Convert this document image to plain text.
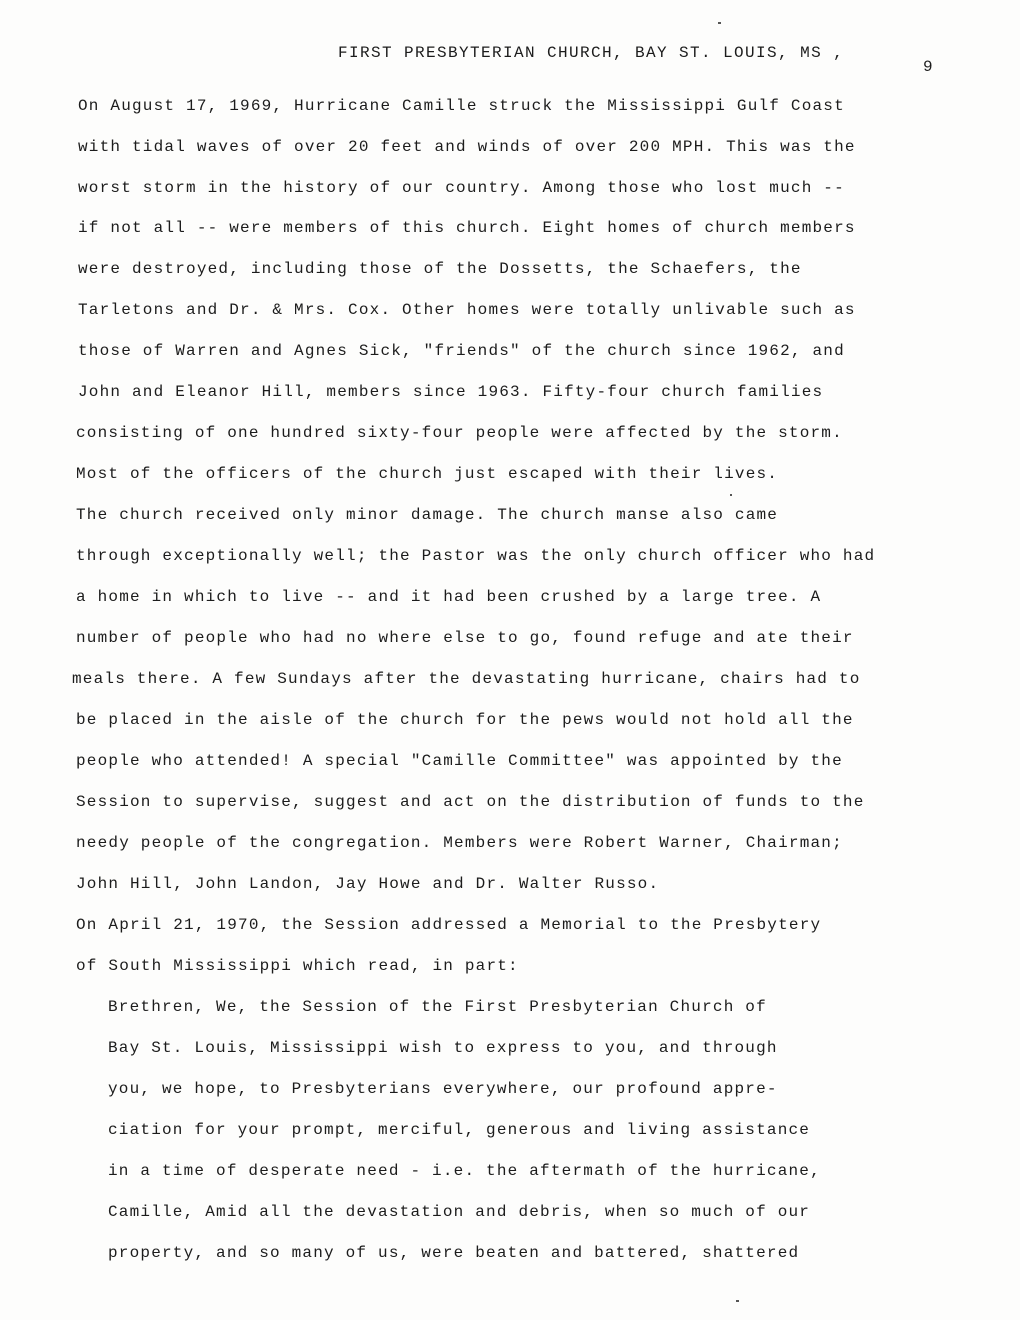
FIRST PRESBYTERIAN CHURCH, BAY ST. LOUIS, MS ,
9
On August 17, 1969, Hurricane Camille struck the Mississippi Gulf Coast
with tidal waves of over 20 feet and winds of over 200 MPH. This was the
worst storm in the history of our country. Among those who lost much --
if not all -- were members of this church. Eight homes of church members
were destroyed, including those of the Dossetts, the Schaefers, the
Tarletons and Dr. & Mrs. Cox. Other homes were totally unlivable such as
those of Warren and Agnes Sick, "friends" of the church since 1962, and
John and Eleanor Hill, members since 1963. Fifty-four church families
consisting of one hundred sixty-four people were affected by the storm.
Most of the officers of the church just escaped with their lives.
The church received only minor damage. The church manse also came
through exceptionally well; the Pastor was the only church officer who had
a home in which to live -- and it had been crushed by a large tree. A
number of people who had no where else to go, found refuge and ate their
meals there. A few Sundays after the devastating hurricane, chairs had to
be placed in the aisle of the church for the pews would not hold all the
people who attended! A special "Camille Committee" was appointed by the
Session to supervise, suggest and act on the distribution of funds to the
needy people of the congregation. Members were Robert Warner, Chairman;
John Hill, John Landon, Jay Howe and Dr. Walter Russo.
On April 21, 1970, the Session addressed a Memorial to the Presbytery
of South Mississippi which read, in part:
Brethren, We, the Session of the First Presbyterian Church of
Bay St. Louis, Mississippi wish to express to you, and through
you, we hope, to Presbyterians everywhere, our profound appre-
ciation for your prompt, merciful, generous and living assistance
in a time of desperate need - i.e. the aftermath of the hurricane,
Camille, Amid all the devastation and debris, when so much of our
property, and so many of us, were beaten and battered, shattered
